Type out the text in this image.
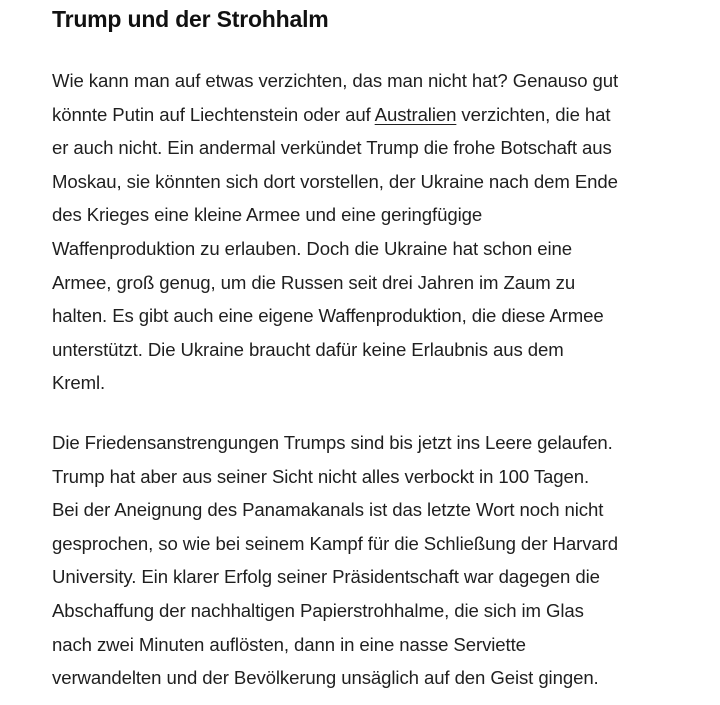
Trump und der Strohhalm

Wie kann man auf etwas verzichten, das man nicht hat? Genauso gut
könnte Putin auf Liechtenstein oder auf Australien verzichten, die hat
er auch nicht. Ein andermal verkündet Trump die frohe Botschaft aus
Moskau, sie könnten sich dort vorstellen, der Ukraine nach dem Ende
des Krieges eine kleine Armee und eine geringfügige
Waffenproduktion zu erlauben. Doch die Ukraine hat schon eine
Armee, groß genug, um die Russen seit drei Jahren im Zaum zu
halten. Es gibt auch eine eigene Waffenproduktion, die diese Armee
unterstützt. Die Ukraine braucht dafür keine Erlaubnis aus dem
Kreml.

Die Friedensanstrengungen Trumps sind bis jetzt ins Leere gelaufen.
Trump hat aber aus seiner Sicht nicht alles verbockt in 100 Tagen.
Bei der Aneignung des Panamakanals ist das letzte Wort noch nicht
gesprochen, so wie bei seinem Kampf für die Schließung der Harvard
University. Ein klarer Erfolg seiner Präsidentschaft war dagegen die
Abschaffung der nachhaltigen Papierstrohhalme, die sich im Glas
nach zwei Minuten auflösten, dann in eine nasse Serviette
verwandelten und der Bevölkerung unsäglich auf den Geist gingen.
